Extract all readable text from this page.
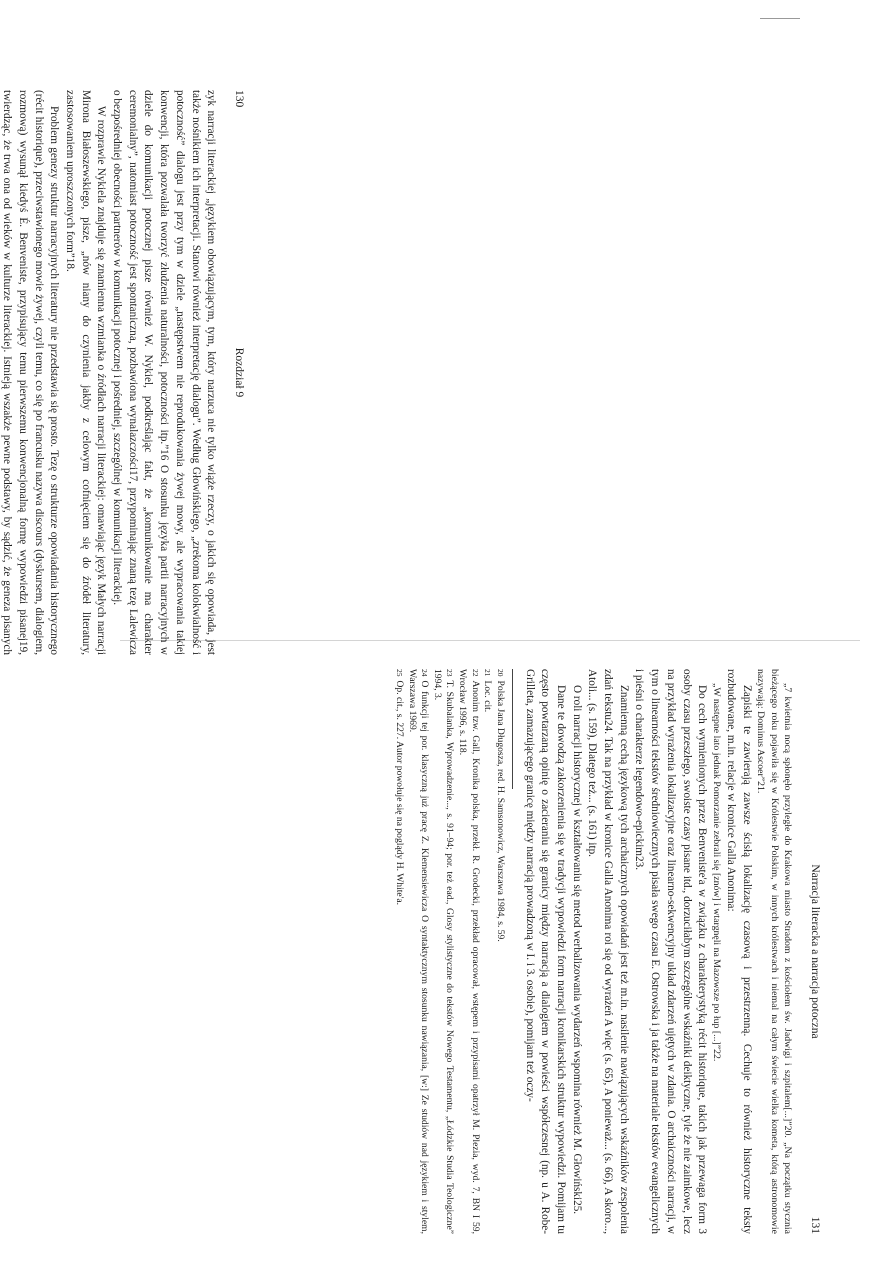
130
Rozdział 9

zyk narracji literackiej „językiem obowiązującym, tym, który narzuca nie tylko wiąże rzeczy, o jakich się opowiada, jest także nośnikiem ich interpretacji. Stanowi również interpretację dialogu”. Według Głowińskiego, „zrekoma kolokwialność i potoczność” dialogu jest przy tym w dziele „następstwem nie reprodukowania żywej mowy, ale wypracowania takiej konwencji, która pozwalała tworzyć złudzenia naturalności, potoczności itp.”16 O stosunku języka partii narracyjnych w dziele do komunikacji potocznej pisze również W. Nykiel, podkreślając fakt, że „komunikowanie ma charakter ceremonialny”, natomiast potoczność jest spontaniczna, pozbawiona wynalazczości17, przypominając znaną tezę Lalewicza o bezpośredniej obecności partnerów w komunikacji potocznej i pośredniej, szczególnej w komunikacji literackiej.

W rozprawie Nykiela znajduje się znamienna wzmianka o źródłach narracji literackiej: omawiając język Małych narracji Mirona Białoszewskiego, pisze, „nów niany do czynienia jakby z celowym cofnięciem się do źródeł literatury, zastosowaniem uproszczonych form”18.

Problem genezy struktur narracyjnych literatury nie przedstawia się prosto. Tezę o strukturze opowiadania historycznego (récit historique), przeciwstawionego mowie żywej, czyli temu, co się po francusku nazywa discours (dyskursem, dialogiem, rozmową) wysunął kiedyś É. Benveniste, przypisujący temu pierwszemu konwencjonalną formę wypowiedzi pisanej19, twierdząc, że trwa ona od wieków w kulturze literackiej. Istnieją wszakże pewne podstawy, by sądzić, że geneza pisanych

Narracja literacka a narracja potoczna
131

„7 kwietnia nocą spłonęło przyległe do Krakowa miasto Stradom z kościołem św. Jadwigi i szpitalem[...]”20. „Na początku stycznia bieżącego roku pojawiła się w Królestwie Polskim, w innych królestwach i niemal na całym świecie wielka kometa, którą astronomowie nazywają: Dominus Ascoer”21.

Zapiski te zawierają zawsze ścisłą lokalizację czasową i przestrzenną. Cechuje to również historyczne teksty rozbudowane, m.in. relacje w kronice Galla Anonima:

„W następne lato jednak Pomorzanie zebrali się [znów] i wtargnęli na Mazowsze po łup [...]”22.

Do cech wymienionych przez Benveniste'a w związku z charakterystyką récit historique, takich jak przewaga form 3 osoby czasu przeszłego, swoiste czasy pisane itd., dorzuciłabym szczególne wskaźniki deiktyczne, tyle że nie zaimkowe, lecz na przykład wyrażenia lokalizacyjne oraz linearno-sekwencyjny układ zdarzeń ujętych w zdania. O archaiczności narracji, w tym o linearności tekstów średniowiecznych pisała swego czasu E. Ostrowska i ja także na materiale tekstów ewangelicznych i pieśni o charakterze legendowo-epickim23.

Znamienną cechą językową tych archaicznych opowiadań jest też m.in. nasilenie nawiązujących wskaźników zespolenia zdań tekstu24. Tak na przykład w kronice Galla Anonima roi się od wyrażeń A więc (s. 65), A ponieważ... (s. 66), A skoro..., Atoli... (s. 159), Dlatego też... (s. 161) itp.

O roli narracji historycznej w kształtowaniu się metod werbalizowania wydarzeń wspomina również M. Głowiński25.

Dane te dowodzą zakorzenienia się w tradycji wypowiedzi form narracji kronikarskich struktur wypowiedzi. Pomijam tu często powtarzaną opinię o zacieraniu się granicy między narracją a dialogiem w powieści współczesnej (np. u A. Robe-Grilleta, zamazującego granicę między narracją prowadzoną w I. i 3. osobie), pomijam też oczy-

$^{20}$Polska Jana Długosza, red. H. Samsonowicz, Warszawa 1984, s. 59.

$^{21}$Loc. cit.

$^{22}$Anonim tzw. Gall, Kronika polska, przekł. R. Grodecki, przekład opracował, wstępem i przypisami opatrzył M. Plezia, wyd. 7, BN I 59, Wrocław 1996, s. 118.

$^{23}$T. Skubalanka, Wprowadzenie..., s. 91–94; por. też ead., Glosy stylistyczne do tekstów Nowego Testamentu, „Łódzkie Studia Teologiczne” 1994, 3.

$^{24}$O funkcji tej por. klasyczną już pracę Z. Klemensiewicza O syntaktycznym stosunku nawiązania, [w:] Ze studiów nad językiem i stylem, Warszawa 1969.

$^{25}$Op. cit., s. 227. Autor powołuje się na poglądy H. White'a.
